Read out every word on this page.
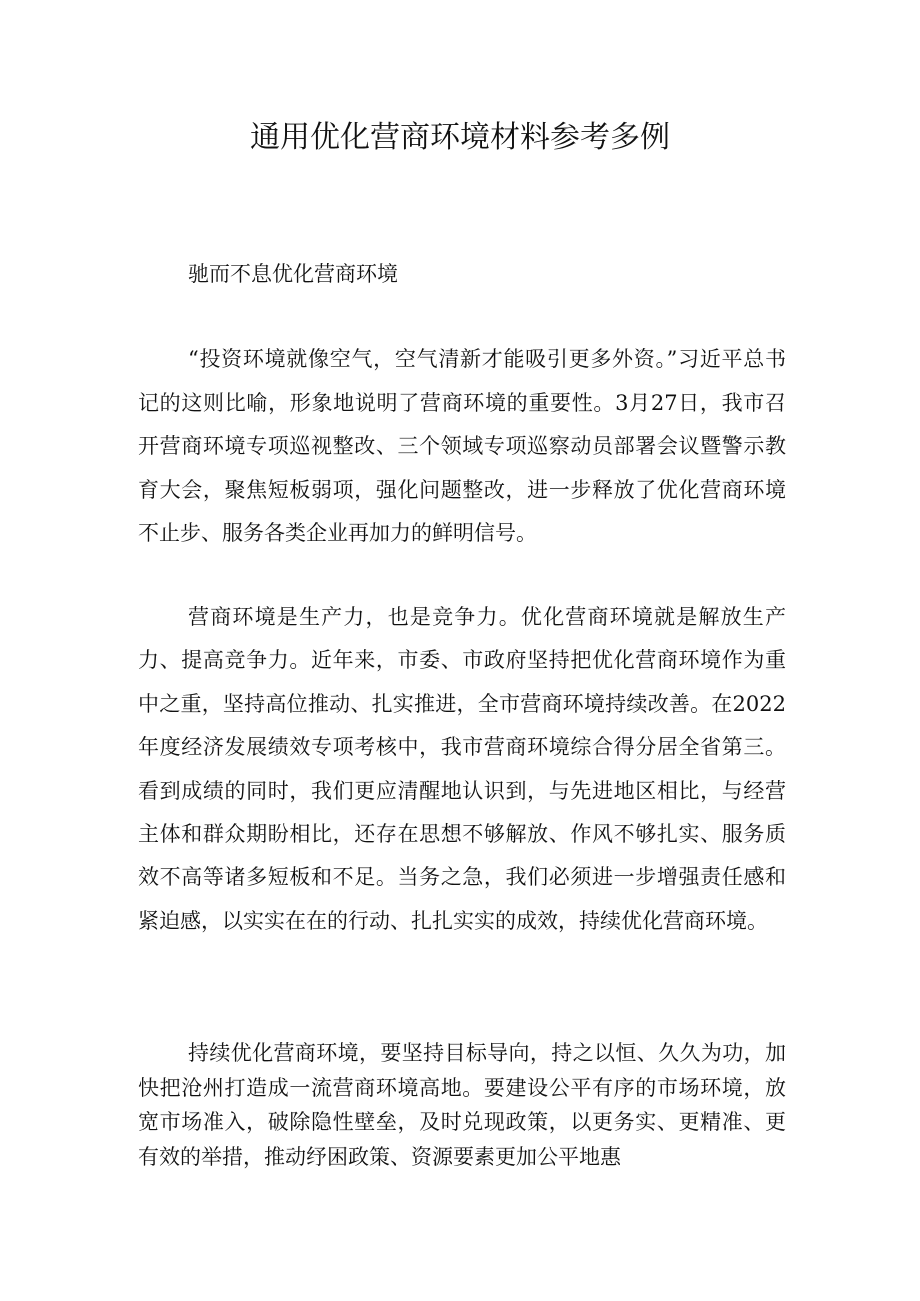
通用优化营商环境材料参考多例

驰而不息优化营商环境

“投资环境就像空气，空气清新才能吸引更多外资。”习近平总书记的这则比喻，形象地说明了营商环境的重要性。3月27日，我市召开营商环境专项巡视整改、三个领域专项巡察动员部署会议暨警示教育大会，聚焦短板弱项，强化问题整改，进一步释放了优化营商环境不止步、服务各类企业再加力的鲜明信号。

营商环境是生产力，也是竞争力。优化营商环境就是解放生产力、提高竞争力。近年来，市委、市政府坚持把优化营商环境作为重中之重，坚持高位推动、扎实推进，全市营商环境持续改善。在2022年度经济发展绩效专项考核中，我市营商环境综合得分居全省第三。看到成绩的同时，我们更应清醒地认识到，与先进地区相比，与经营主体和群众期盼相比，还存在思想不够解放、作风不够扎实、服务质效不高等诸多短板和不足。当务之急，我们必须进一步增强责任感和紧迫感，以实实在在的行动、扎扎实实的成效，持续优化营商环境。

持续优化营商环境，要坚持目标导向，持之以恒、久久为功，加快把沧州打造成一流营商环境高地。要建设公平有序的市场环境，放宽市场准入，破除隐性壁垒，及时兑现政策，以更务实、更精准、更有效的举措，推动纾困政策、资源要素更加公平地惠
